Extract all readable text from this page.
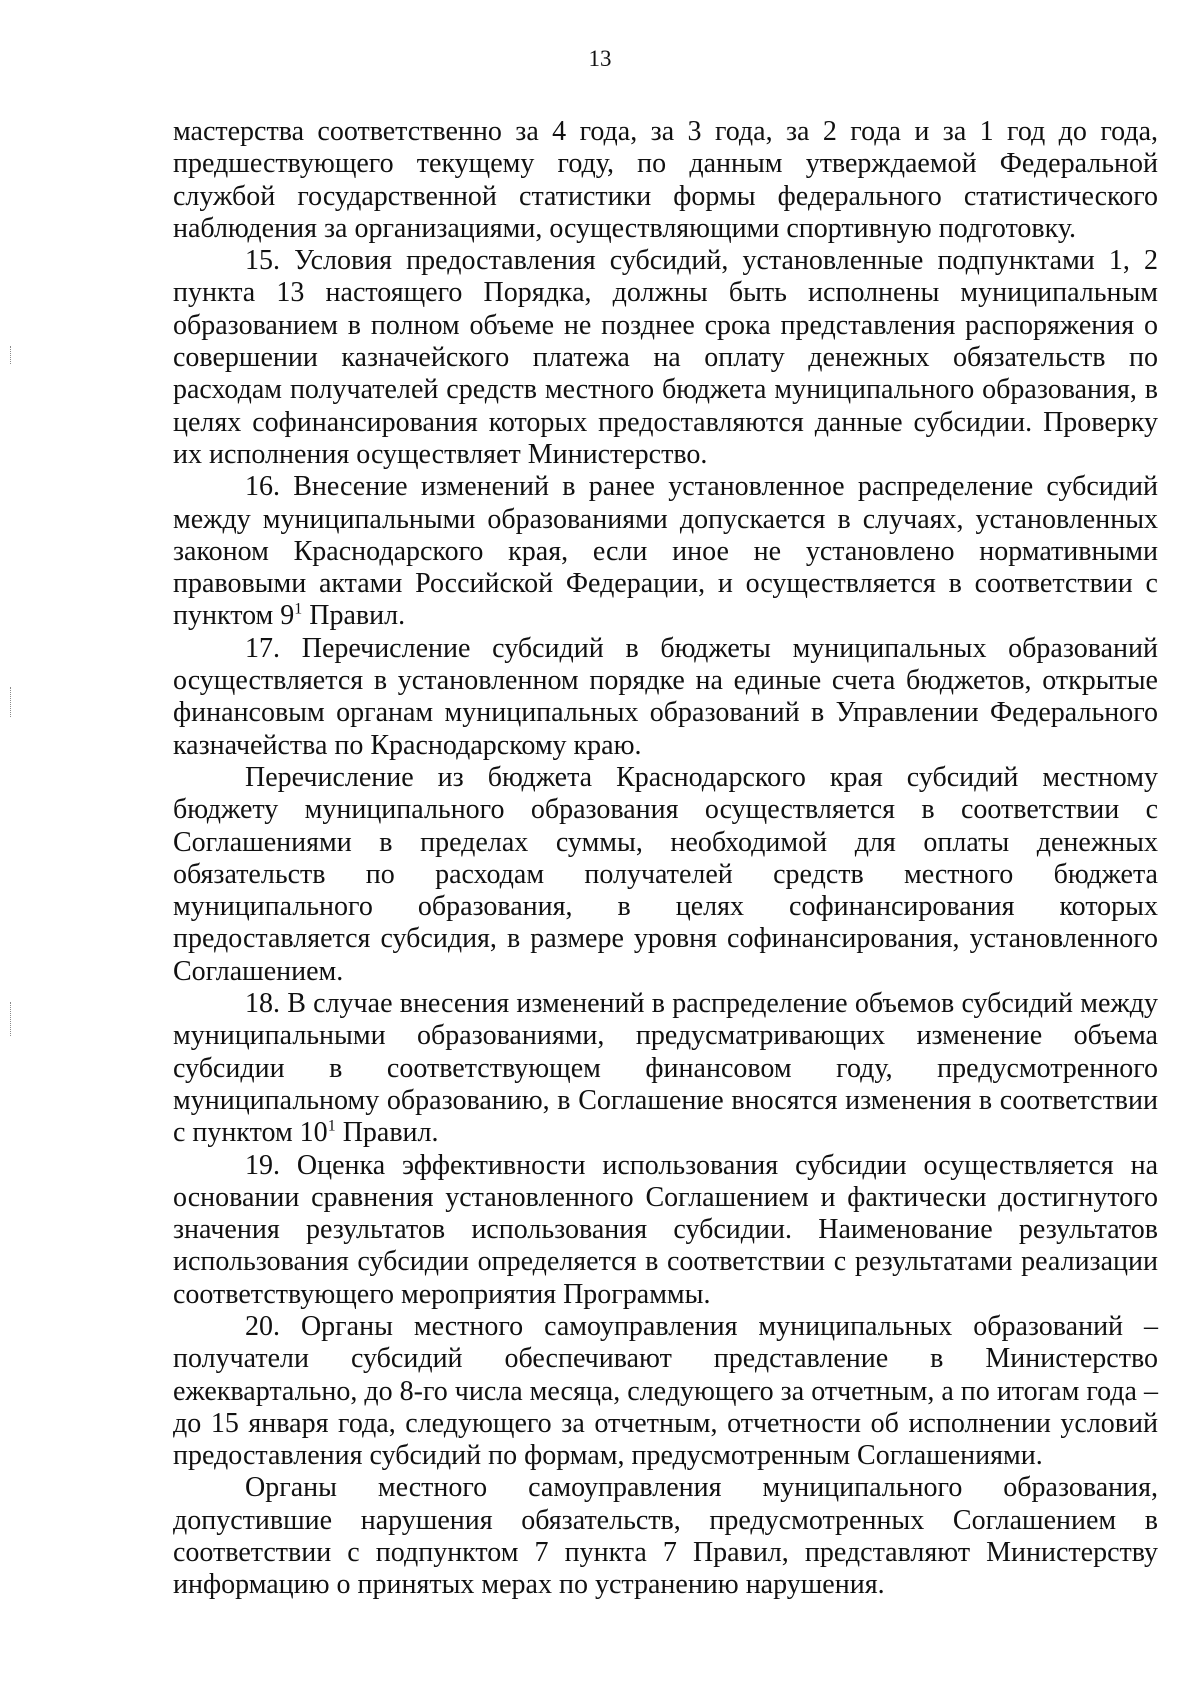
13

мастерства соответственно за 4 года, за 3 года, за 2 года и за 1 год до года, предшествующего текущему году, по данным утверждаемой Федеральной службой государственной статистики формы федерального статистического наблюдения за организациями, осуществляющими спортивную подготовку.

15. Условия предоставления субсидий, установленные подпунктами 1, 2 пункта 13 настоящего Порядка, должны быть исполнены муниципальным образованием в полном объеме не позднее срока представления распоряжения о совершении казначейского платежа на оплату денежных обязательств по расходам получателей средств местного бюджета муниципального образования, в целях софинансирования которых предоставляются данные субсидии. Проверку их исполнения осуществляет Министерство.

16. Внесение изменений в ранее установленное распределение субсидий между муниципальными образованиями допускается в случаях, установленных законом Краснодарского края, если иное не установлено нормативными правовыми актами Российской Федерации, и осуществляется в соответствии с пунктом $9^1$ Правил.

17. Перечисление субсидий в бюджеты муниципальных образований осуществляется в установленном порядке на единые счета бюджетов, открытые финансовым органам муниципальных образований в Управлении Федерального казначейства по Краснодарскому краю.

Перечисление из бюджета Краснодарского края субсидий местному бюджету муниципального образования осуществляется в соответствии с Соглашениями в пределах суммы, необходимой для оплаты денежных обязательств по расходам получателей средств местного бюджета муниципального образования, в целях софинансирования которых предоставляется субсидия, в размере уровня софинансирования, установленного Соглашением.

18. В случае внесения изменений в распределение объемов субсидий между муниципальными образованиями, предусматривающих изменение объема субсидии в соответствующем финансовом году, предусмотренного муниципальному образованию, в Соглашение вносятся изменения в соответствии с пунктом $10^1$ Правил.

19. Оценка эффективности использования субсидии осуществляется на основании сравнения установленного Соглашением и фактически достигнутого значения результатов использования субсидии. Наименование результатов использования субсидии определяется в соответствии с результатами реализации соответствующего мероприятия Программы.

20. Органы местного самоуправления муниципальных образований – получатели субсидий обеспечивают представление в Министерство ежеквартально, до 8-го числа месяца, следующего за отчетным, а по итогам года – до 15 января года, следующего за отчетным, отчетности об исполнении условий предоставления субсидий по формам, предусмотренным Соглашениями.

Органы местного самоуправления муниципального образования, допустившие нарушения обязательств, предусмотренных Соглашением в соответствии с подпунктом 7 пункта 7 Правил, представляют Министерству информацию о принятых мерах по устранению нарушения.
